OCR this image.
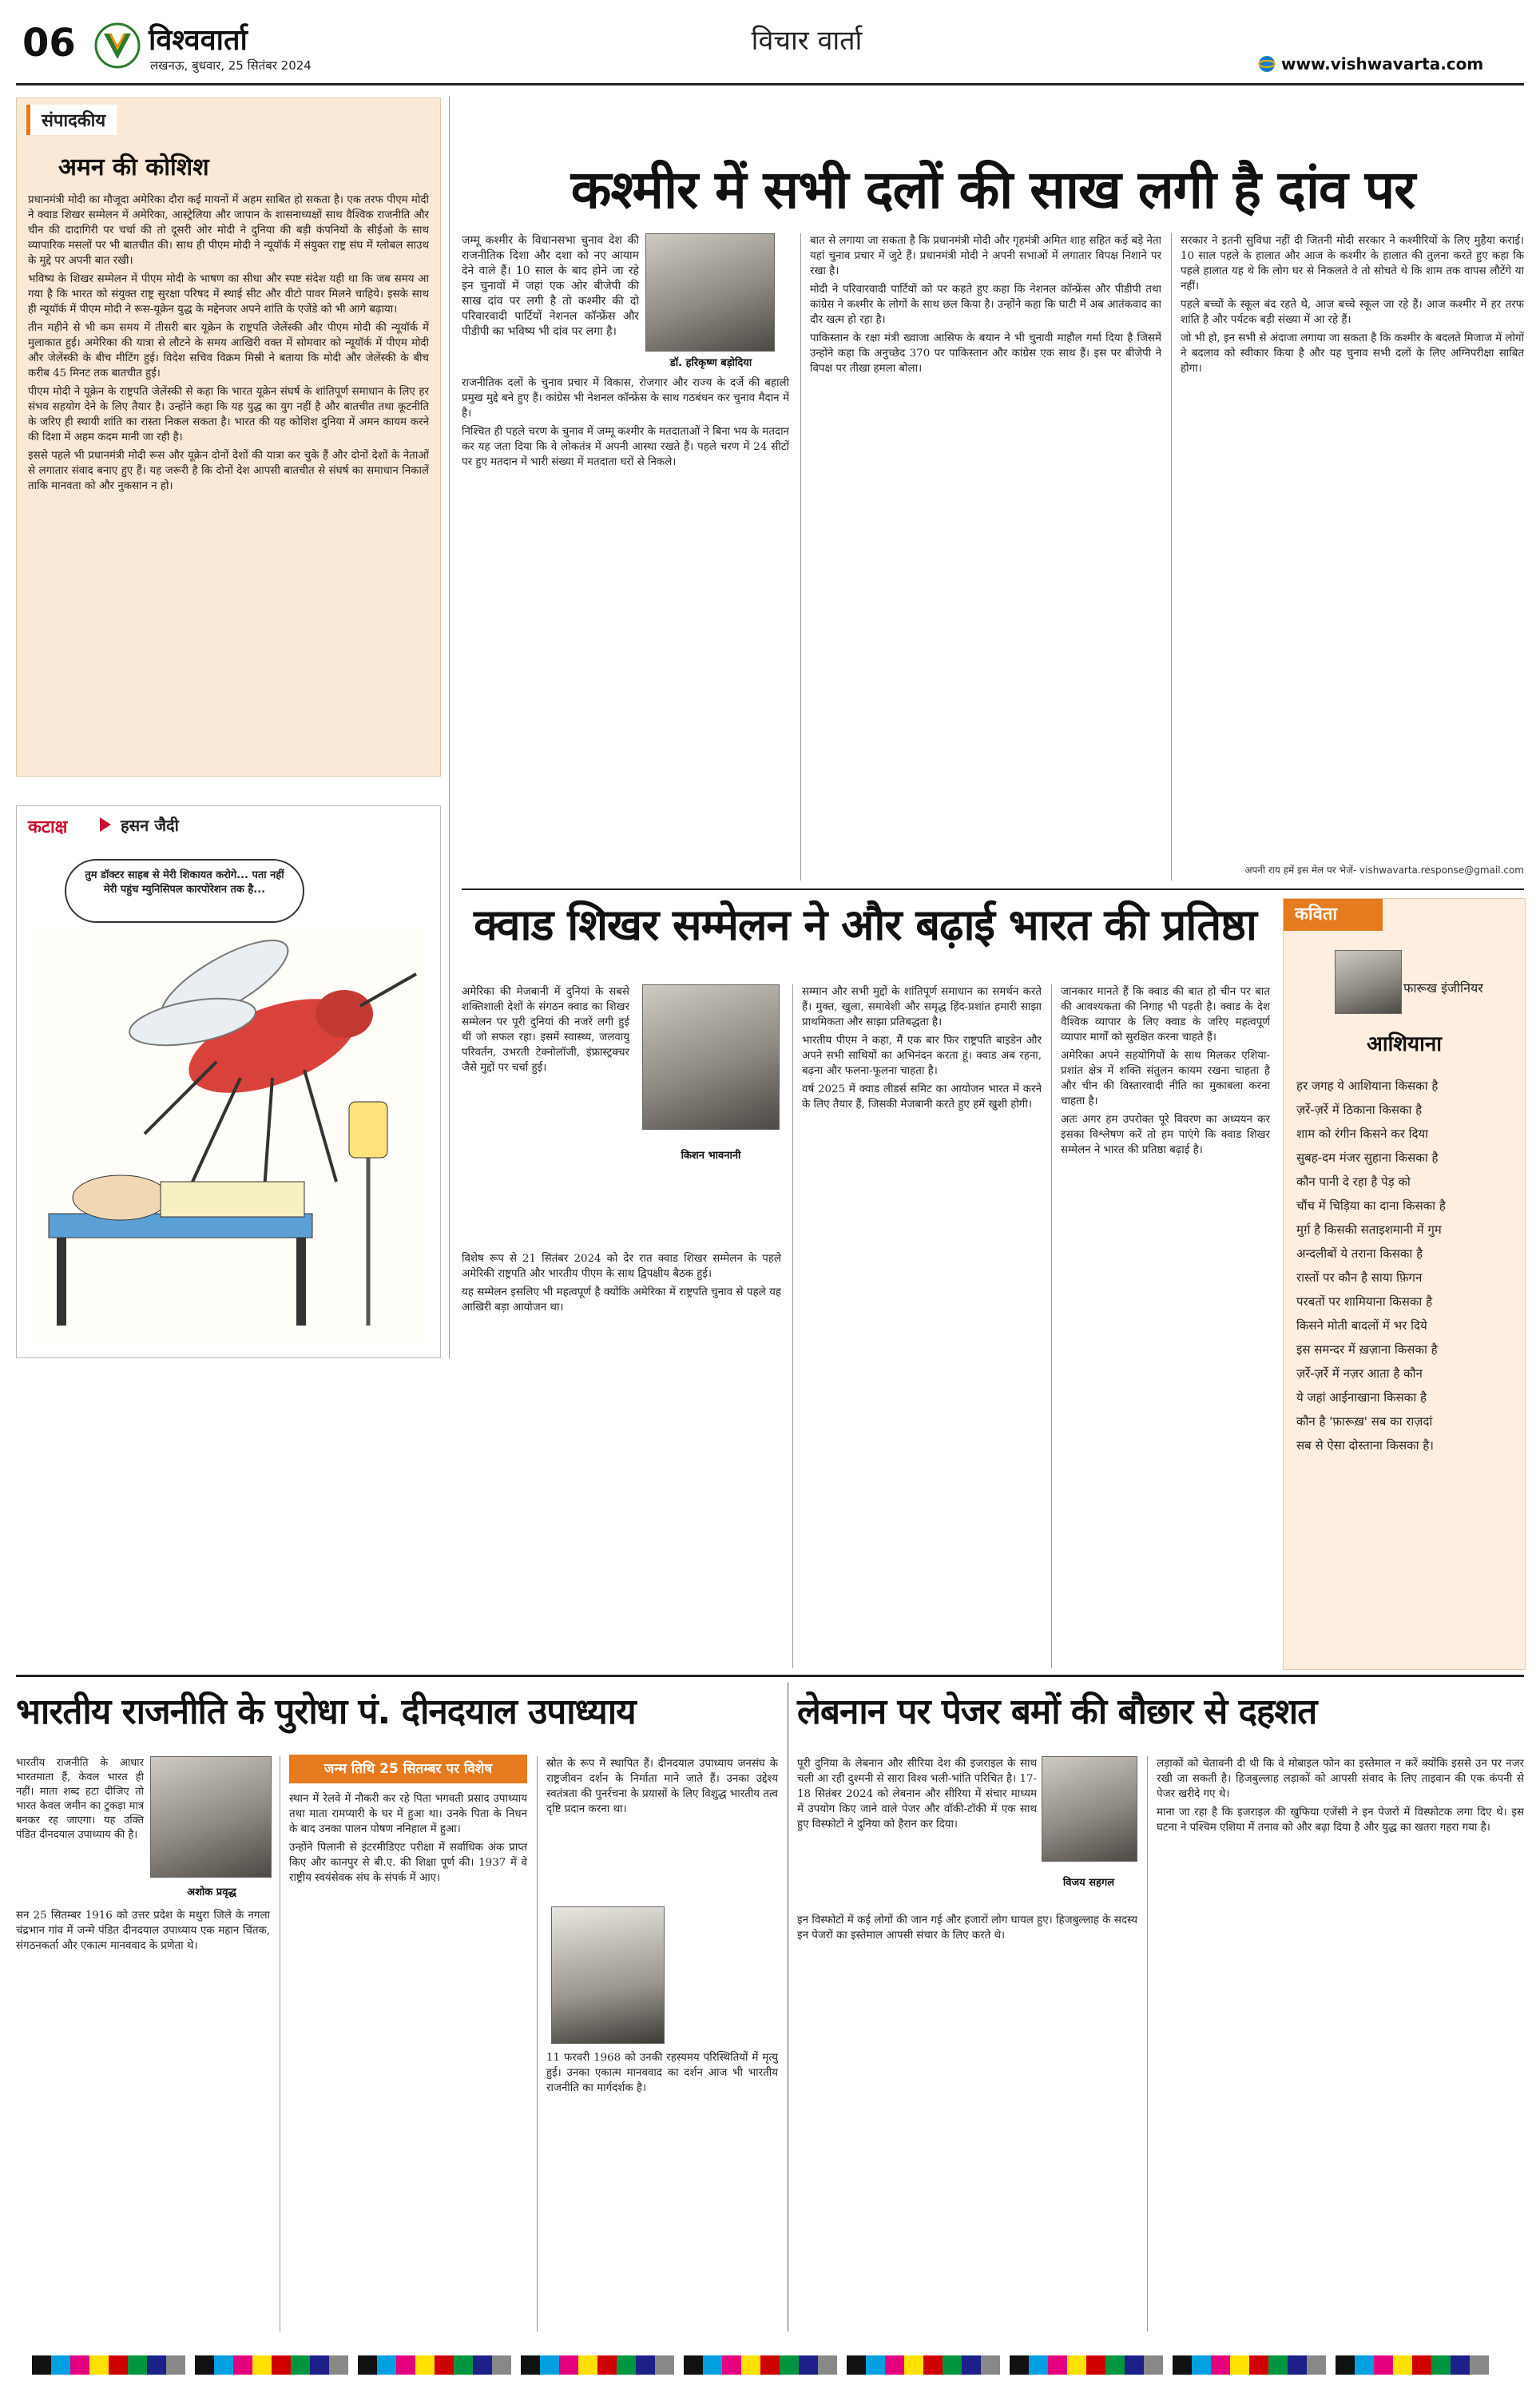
06	विश्ववार्ता
लखनऊ, बुधवार, 25 सितंबर 2024
विचार वार्ता
www.vishwavarta.com
संपादकीय
अमन की कोशिश

प्रधानमंत्री मोदी का मौजूदा अमेरिका दौरा कई मायनों में अहम साबित हो सकता है। एक तरफ पीएम मोदी ने क्वाड शिखर सम्मेलन में अमेरिका, आस्ट्रेलिया और जापान के शासनाध्यक्षों साथ वैश्विक राजनीति और चीन की दादागिरी पर चर्चा की तो दूसरी ओर मोदी ने दुनिया की बड़ी कंपनियों के सीईओ के साथ व्यापारिक मसलों पर भी बातचीत की। साथ ही पीएम मोदी ने न्यूयॉर्क में संयुक्त राष्ट्र संघ में ग्लोबल साउथ के मुद्दे पर अपनी बात रखी।

भविष्य के शिखर सम्मेलन में पीएम मोदी के भाषण का सीधा और स्पष्ट संदेश यही था कि जब समय आ गया है कि भारत को संयुक्त राष्ट्र सुरक्षा परिषद में स्थाई सीट और वीटो पावर मिलने चाहिये। इसके साथ ही न्यूयॉर्क में पीएम मोदी ने रूस-यूक्रेन युद्ध के मद्देनजर अपने शांति के एजेंडे को भी आगे बढ़ाया।

तीन महीने से भी कम समय में तीसरी बार यूक्रेन के राष्ट्रपति जेलेंस्की और पीएम मोदी की न्यूयॉर्क में मुलाकात हुई। अमेरिका की यात्रा से लौटने के समय आखिरी वक्त में सोमवार को न्यूयॉर्क में पीएम मोदी और जेलेंस्की के बीच मीटिंग हुई। विदेश सचिव विक्रम मिस्री ने बताया कि मोदी और जेलेंस्की के बीच करीब 45 मिनट तक बातचीत हुई।

पीएम मोदी ने यूक्रेन के राष्ट्रपति जेलेंस्की से कहा कि भारत यूक्रेन संघर्ष के शांतिपूर्ण समाधान के लिए हर संभव सहयोग देने के लिए तैयार है। उन्होंने कहा कि यह युद्ध का युग नहीं है और बातचीत तथा कूटनीति के जरिए ही स्थायी शांति का रास्ता निकल सकता है। भारत की यह कोशिश दुनिया में अमन कायम करने की दिशा में अहम कदम मानी जा रही है।

इससे पहले भी प्रधानमंत्री मोदी रूस और यूक्रेन दोनों देशों की यात्रा कर चुके हैं और दोनों देशों के नेताओं से लगातार संवाद बनाए हुए हैं। यह जरूरी है कि दोनों देश आपसी बातचीत से संघर्ष का समाधान निकालें ताकि मानवता को और नुकसान न हो।

कटाक्ष	हसन जैदी
तुम डॉक्टर साहब से मेरी शिकायत करोगे... पता नहीं मेरी पहुंच म्युनिसिपल कारपोरेशन तक है...
कश्मीर में सभी दलों की साख लगी है दांव पर
डॉ. हरिकृष्ण बड़ोदिया

जम्मू कश्मीर के विधानसभा चुनाव देश की राजनीतिक दिशा और दशा को नए आयाम देने वाले हैं। 10 साल के बाद होने जा रहे इन चुनावों में जहां एक ओर बीजेपी की साख दांव पर लगी है तो कश्मीर की दो परिवारवादी पार्टियों नेशनल कॉन्फ्रेंस और पीडीपी का भविष्य भी दांव पर लगा है।

राजनीतिक दलों के चुनाव प्रचार में विकास, रोजगार और राज्य के दर्जे की बहाली प्रमुख मुद्दे बने हुए हैं। कांग्रेस भी नेशनल कॉन्फ्रेंस के साथ गठबंधन कर चुनाव मैदान में है।

निश्चित ही पहले चरण के चुनाव में जम्मू कश्मीर के मतदाताओं ने बिना भय के मतदान कर यह जता दिया कि वे लोकतंत्र में अपनी आस्था रखते हैं। पहले चरण में 24 सीटों पर हुए मतदान में भारी संख्या में मतदाता घरों से निकले।

बात से लगाया जा सकता है कि प्रधानमंत्री मोदी और गृहमंत्री अमित शाह सहित कई बड़े नेता यहां चुनाव प्रचार में जुटे हैं। प्रधानमंत्री मोदी ने अपनी सभाओं में लगातार विपक्ष निशाने पर रखा है।

मोदी ने परिवारवादी पार्टियों को पर कहते हुए कहा कि नेशनल कॉन्फ्रेंस और पीडीपी तथा कांग्रेस ने कश्मीर के लोगों के साथ छल किया है। उन्होंने कहा कि घाटी में अब आतंकवाद का दौर खत्म हो रहा है।

पाकिस्तान के रक्षा मंत्री ख्वाजा आसिफ के बयान ने भी चुनावी माहौल गर्मा दिया है जिसमें उन्होंने कहा कि अनुच्छेद 370 पर पाकिस्तान और कांग्रेस एक साथ हैं। इस पर बीजेपी ने विपक्ष पर तीखा हमला बोला।

सरकार ने इतनी सुविधा नहीं दी जितनी मोदी सरकार ने कश्मीरियों के लिए मुहैया कराई। 10 साल पहले के हालात और आज के कश्मीर के हालात की तुलना करते हुए कहा कि पहले हालात यह थे कि लोग घर से निकलते वे तो सोचते थे कि शाम तक वापस लौटेंगे या नहीं।

पहले बच्चों के स्कूल बंद रहते थे, आज बच्चे स्कूल जा रहे हैं। आज कश्मीर में हर तरफ शांति है और पर्यटक बड़ी संख्या में आ रहे हैं।

जो भी हो, इन सभी से अंदाजा लगाया जा सकता है कि कश्मीर के बदलते मिजाज में लोगों ने बदलाव को स्वीकार किया है और यह चुनाव सभी दलों के लिए अग्निपरीक्षा साबित होगा।

अपनी राय हमें इस मेल पर भेजें- vishwavarta.response@gmail.com
क्वाड शिखर सम्मेलन ने और बढ़ाई भारत की प्रतिष्ठा

अमेरिका की मेजबानी में दुनियां के सबसे शक्तिशाली देशों के संगठन क्वाड का शिखर सम्मेलन पर पूरी दुनियां की नजरें लगी हुई थीं जो सफल रहा। इसमें स्वास्थ्य, जलवायु परिवर्तन, उभरती टेक्नोलॉजी, इंफ्रास्ट्रक्चर जैसे मुद्दों पर चर्चा हुई।

किशन भावनानी

विशेष रूप से 21 सितंबर 2024 को देर रात क्वाड शिखर सम्मेलन के पहले अमेरिकी राष्ट्रपति और भारतीय पीएम के साथ द्विपक्षीय बैठक हुई।

यह सम्मेलन इसलिए भी महत्वपूर्ण है क्योंकि अमेरिका में राष्ट्रपति चुनाव से पहले यह आखिरी बड़ा आयोजन था।

सम्मान और सभी मुद्दों के शांतिपूर्ण समाधान का समर्थन करते हैं। मुक्त, खुला, समावेशी और समृद्ध हिंद-प्रशांत हमारी साझा प्राथमिकता और साझा प्रतिबद्धता है।

भारतीय पीएम ने कहा, मैं एक बार फिर राष्ट्रपति बाइडेन और अपने सभी साथियों का अभिनंदन करता हूं। क्वाड अब रहना, बढ़ना और फलना-फूलना चाहता है।

वर्ष 2025 में क्वाड लीडर्स समिट का आयोजन भारत में करने के लिए तैयार हैं, जिसकी मेजबानी करते हुए हमें खुशी होगी।

जानकार मानते हैं कि क्वाड की बात हो चीन पर बात की आवश्यकता की निगाह भी पड़ती है। क्वाड के देश वैश्विक व्यापार के लिए क्वाड के जरिए महत्वपूर्ण व्यापार मार्गों को सुरक्षित करना चाहते हैं।

अमेरिका अपने सहयोगियों के साथ मिलकर एशिया-प्रशांत क्षेत्र में शक्ति संतुलन कायम रखना चाहता है और चीन की विस्तारवादी नीति का मुकाबला करना चाहता है।

अतः अगर हम उपरोक्त पूरे विवरण का अध्ययन कर इसका विश्लेषण करें तो हम पाएंगे कि क्वाड शिखर सम्मेलन ने भारत की प्रतिष्ठा बढ़ाई है।

कविता
फारूख इंजीनियर
आशियाना
हर जगह ये आशियाना किसका है
ज़र्रे-ज़र्रे में ठिकाना किसका है
शाम को रंगीन किसने कर दिया
सुबह-दम मंजर सुहाना किसका है
कौन पानी दे रहा है पेड़ को
चौंच में चिड़िया का दाना किसका है
मुर्ग़ है किसकी सताइशमानी में गुम
अन्दलीबों ये तराना किसका है
रास्तों पर कौन है साया फ़िगन
परबतों पर शामियाना किसका है
किसने मोती बादलों में भर दिये
इस समन्दर में ख़ज़ाना किसका है
ज़र्रे-ज़र्रे में नज़र आता है कौन
ये जहां आईनाखाना किसका है
कौन है 'फ़ारूख़' सब का राज़दां
सब से ऐसा दोस्ताना किसका है।
भारतीय राजनीति के पुरोधा पं. दीनदयाल उपाध्याय
अशोक प्रवृद्ध

भारतीय राजनीति के आधार भारतमाता हैं, केवल भारत ही नहीं। माता शब्द हटा दीजिए तो भारत केवल जमीन का टुकड़ा मात्र बनकर रह जाएगा। यह उक्ति पंडित दीनदयाल उपाध्याय की है।

सन 25 सितम्बर 1916 को उत्तर प्रदेश के मथुरा जिले के नगला चंद्रभान गांव में जन्मे पंडित दीनदयाल उपाध्याय एक महान चिंतक, संगठनकर्ता और एकात्म मानववाद के प्रणेता थे।

जन्म तिथि 25 सितम्बर पर विशेष

स्थान में रेलवे में नौकरी कर रहे पिता भगवती प्रसाद उपाध्याय तथा माता रामप्यारी के घर में हुआ था। उनके पिता के निधन के बाद उनका पालन पोषण ननिहाल में हुआ।

उन्होंने पिलानी से इंटरमीडिएट परीक्षा में सर्वाधिक अंक प्राप्त किए और कानपुर से बी.ए. की शिक्षा पूर्ण की। 1937 में वे राष्ट्रीय स्वयंसेवक संघ के संपर्क में आए।

स्रोत के रूप में स्थापित हैं। दीनदयाल उपाध्याय जनसंघ के राष्ट्रजीवन दर्शन के निर्माता माने जाते हैं। उनका उद्देश्य स्वतंत्रता की पुनर्रचना के प्रयासों के लिए विशुद्ध भारतीय तत्व दृष्टि प्रदान करना था।

11 फरवरी 1968 को उनकी रहस्यमय परिस्थितियों में मृत्यु हुई। उनका एकात्म मानववाद का दर्शन आज भी भारतीय राजनीति का मार्गदर्शक है।

लेबनान पर पेजर बमों की बौछार से दहशत

पूरी दुनिया के लेबनान और सीरिया देश की इजराइल के साथ चली आ रही दुश्मनी से सारा विश्व भली-भांति परिचित है। 17-18 सितंबर 2024 को लेबनान और सीरिया में संचार माध्यम में उपयोग किए जाने वाले पेजर और वॉकी-टॉकी में एक साथ हुए विस्फोटों ने दुनिया को हैरान कर दिया।

विजय सहगल

इन विस्फोटों में कई लोगों की जान गई और हजारों लोग घायल हुए। हिजबुल्लाह के सदस्य इन पेजरों का इस्तेमाल आपसी संचार के लिए करते थे।

लड़ाकों को चेतावनी दी थी कि वे मोबाइल फोन का इस्तेमाल न करें क्योंकि इससे उन पर नजर रखी जा सकती है। हिजबुल्लाह लड़ाकों को आपसी संवाद के लिए ताइवान की एक कंपनी से पेजर खरीदे गए थे।

माना जा रहा है कि इजराइल की खुफिया एजेंसी ने इन पेजरों में विस्फोटक लगा दिए थे। इस घटना ने पश्चिम एशिया में तनाव को और बढ़ा दिया है और युद्ध का खतरा गहरा गया है।
